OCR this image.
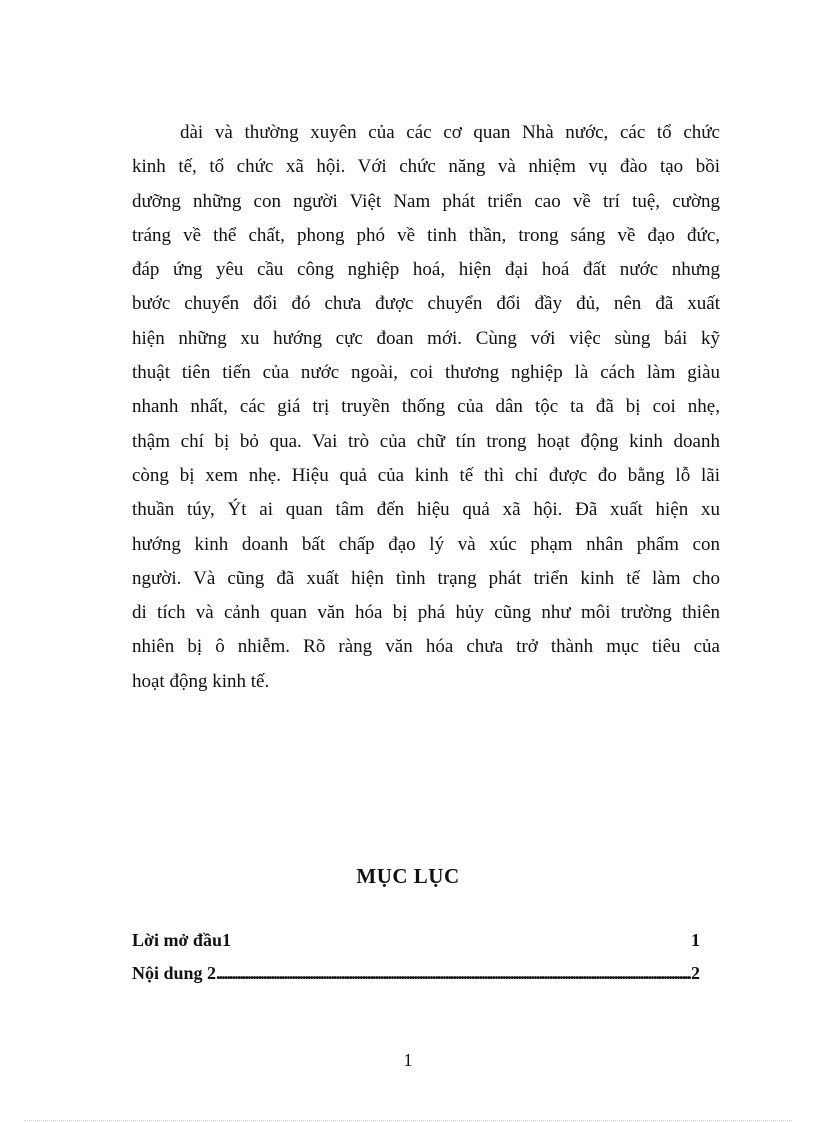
dài và thường xuyên của các cơ quan Nhà nước, các tổ chức
kinh tế, tổ chức xã hội. Với chức năng và nhiệm vụ đào tạo bồi
dưỡng những con người Việt Nam phát triển cao về trí tuệ, cường
tráng về thể chất, phong phó về tinh thần, trong sáng về đạo đức,
đáp ứng yêu cầu công nghiệp hoá, hiện đại hoá đất nước nhưng
bước chuyển đổi đó chưa được chuyển đổi đầy đủ, nên đã xuất
hiện những xu hướng cực đoan mới. Cùng với việc sùng bái kỹ
thuật tiên tiến của nước ngoài, coi thương nghiệp là cách làm giàu
nhanh nhất, các giá trị truyền thống của dân tộc ta đã bị coi nhẹ,
thậm chí bị bỏ qua. Vai trò của chữ tín trong hoạt động kinh doanh
còng bị xem nhẹ. Hiệu quả của kinh tế thì chỉ được đo bằng lỗ lãi
thuần túy, Ýt ai quan tâm đến hiệu quả xã hội. Đã xuất hiện xu
hướng kinh doanh bất chấp đạo lý và xúc phạm nhân phẩm con
người. Và cũng đã xuất hiện tình trạng phát triển kinh tế làm cho
di tích và cảnh quan văn hóa bị phá hủy cũng như môi trường thiên
nhiên bị ô nhiễm. Rõ ràng văn hóa chưa trở thành mục tiêu của
hoạt động kinh tế.
MỤC LỤC
Lời mở đầu1	1
Nội dung 2
. . .	2
1
